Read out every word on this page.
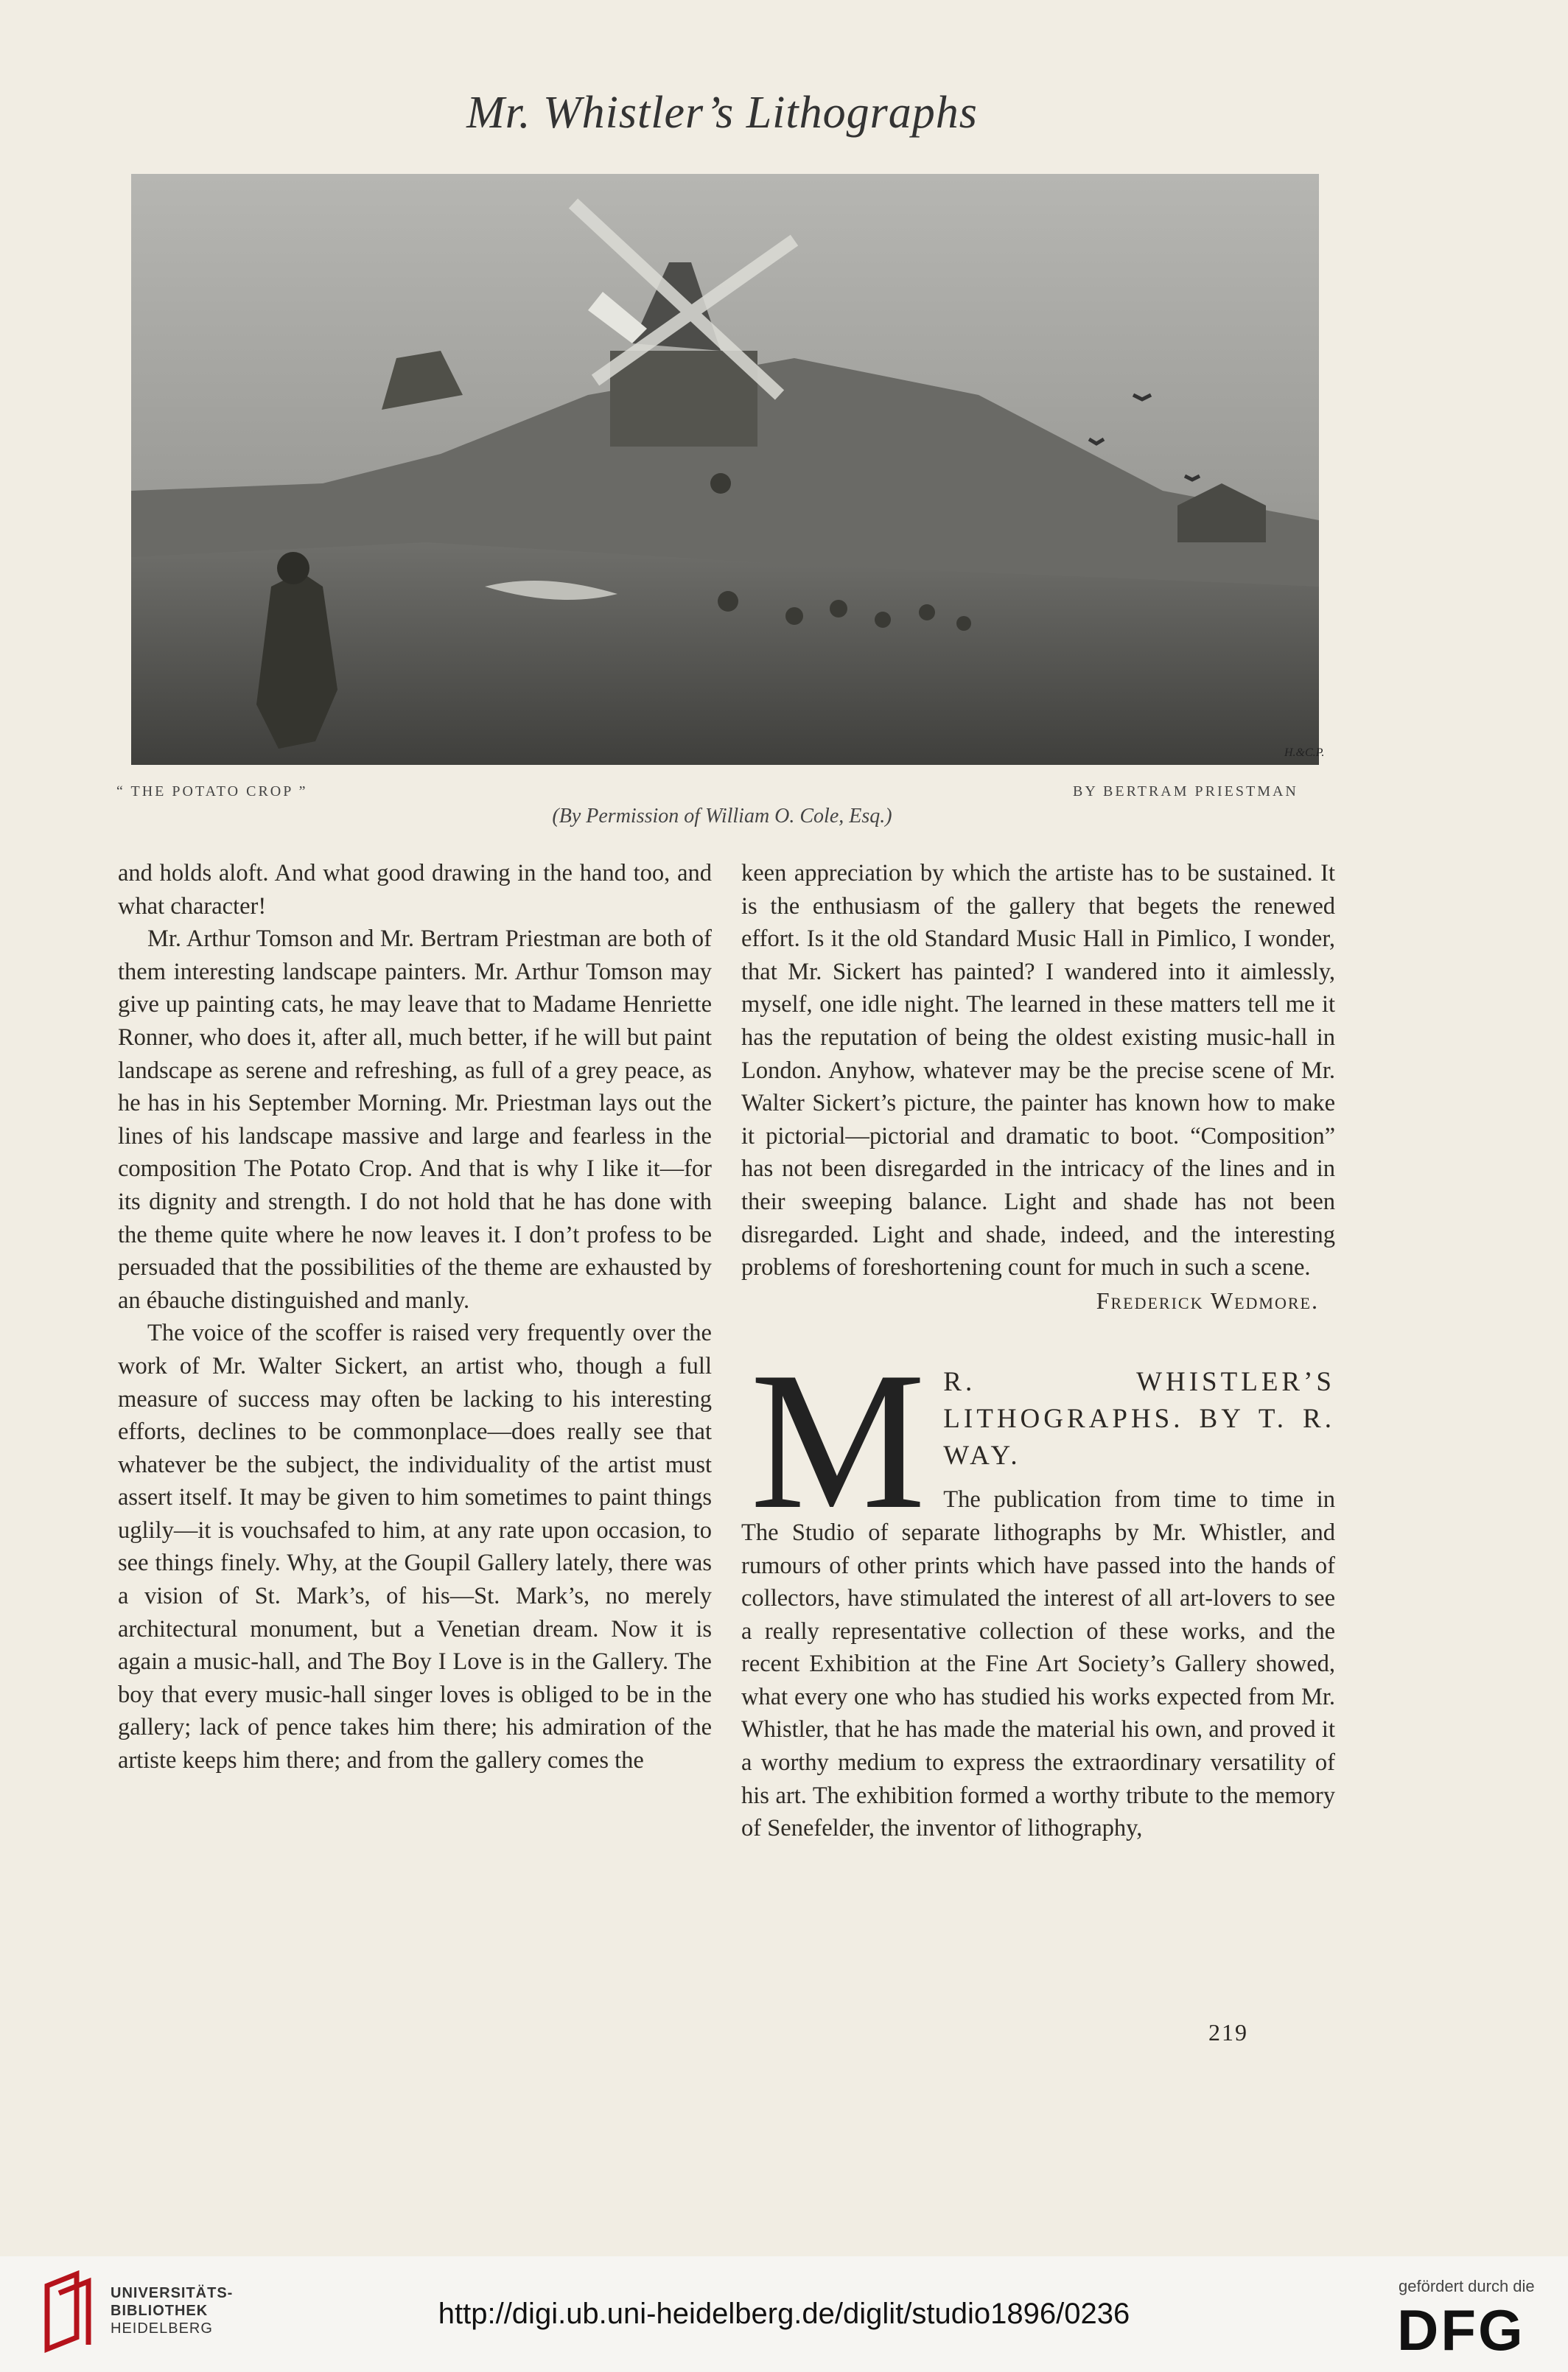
Mr. Whistler’s Lithographs
H.&C.P.
“ THE POTATO CROP ”	BY BERTRAM PRIESTMAN
(By Permission of William O. Cole, Esq.)

and holds aloft. And what good drawing in the hand too, and what character!

Mr. Arthur Tomson and Mr. Bertram Priestman are both of them interesting landscape painters. Mr. Arthur Tomson may give up painting cats, he may leave that to Madame Henriette Ronner, who does it, after all, much better, if he will but paint landscape as serene and refreshing, as full of a grey peace, as he has in his September Morning. Mr. Priestman lays out the lines of his landscape massive and large and fearless in the composition The Potato Crop. And that is why I like it—for its dignity and strength. I do not hold that he has done with the theme quite where he now leaves it. I don’t profess to be persuaded that the possibilities of the theme are exhausted by an ébauche distinguished and manly.

The voice of the scoffer is raised very frequently over the work of Mr. Walter Sickert, an artist who, though a full measure of success may often be lacking to his interesting efforts, declines to be commonplace—does really see that whatever be the subject, the individuality of the artist must assert itself. It may be given to him sometimes to paint things uglily—it is vouchsafed to him, at any rate upon occasion, to see things finely. Why, at the Goupil Gallery lately, there was a vision of St. Mark’s, of his—St. Mark’s, no merely architectural monument, but a Venetian dream. Now it is again a music-hall, and The Boy I Love is in the Gallery. The boy that every music-hall singer loves is obliged to be in the gallery; lack of pence takes him there; his admiration of the artiste keeps him there; and from the gallery comes the

keen appreciation by which the artiste has to be sustained. It is the enthusiasm of the gallery that begets the renewed effort. Is it the old Standard Music Hall in Pimlico, I wonder, that Mr. Sickert has painted? I wandered into it aimlessly, myself, one idle night. The learned in these matters tell me it has the reputation of being the oldest existing music-hall in London. Anyhow, whatever may be the precise scene of Mr. Walter Sickert’s picture, the painter has known how to make it pictorial—pictorial and dramatic to boot. “Composition” has not been disregarded in the intricacy of the lines and in their sweeping balance. Light and shade has not been disregarded. Light and shade, indeed, and the interesting problems of foreshortening count for much in such a scene.

Frederick Wedmore.

M R. WHISTLER’S LITHOGRAPHS. BY T. R. WAY.

The publication from time to time in The Studio of separate lithographs by Mr. Whistler, and rumours of other prints which have passed into the hands of collectors, have stimulated the interest of all art-lovers to see a really representative collection of these works, and the recent Exhibition at the Fine Art Society’s Gallery showed, what every one who has studied his works expected from Mr. Whistler, that he has made the material his own, and proved it a worthy medium to express the extraordinary versatility of his art. The exhibition formed a worthy tribute to the memory of Senefelder, the inventor of lithography,

219
UNIVERSITÄTS-
BIBLIOTHEK
HEIDELBERG	http://digi.ub.uni-heidelberg.de/diglit/studio1896/0236
gefördert durch die
DFG
